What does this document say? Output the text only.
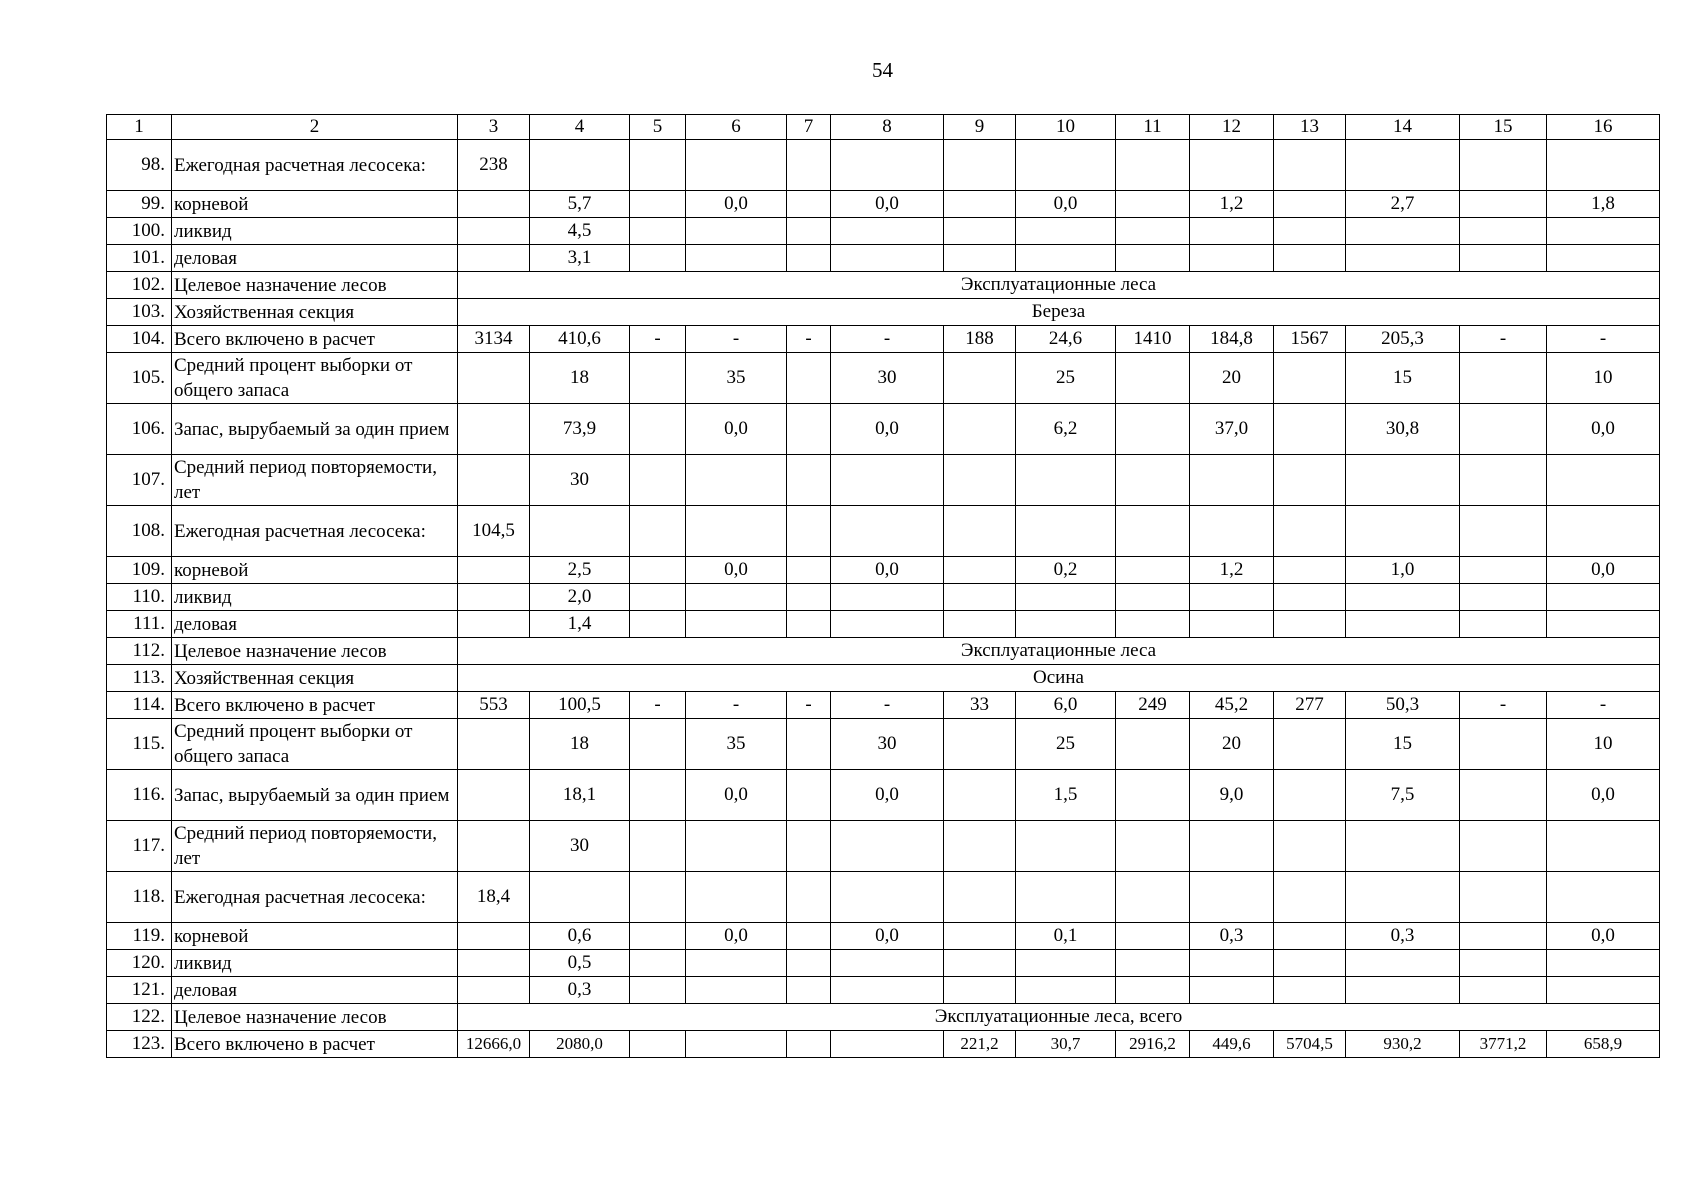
54
1	2	3	4	5	6	7	8	9	10	11	12	13	14	15	16
98.	Ежегодная расчетная лесосека:	238													
99.	корневой		5,7		0,0		0,0		0,0		1,2		2,7		1,8
100.	ликвид		4,5												
101.	деловая		3,1												
102.	Целевое назначение лесов	Эксплуатационные леса													
103.	Хозяйственная секция	Береза													
104.	Всего включено в расчет	3134	410,6	-	-	-	-	188	24,6	1410	184,8	1567	205,3	-	-
105.	Средний процент выборки от общего запаса		18		35		30		25		20		15		10
106.	Запас, вырубаемый за один прием		73,9		0,0		0,0		6,2		37,0		30,8		0,0
107.	Средний период повторяемости, лет		30												
108.	Ежегодная расчетная лесосека:	104,5													
109.	корневой		2,5		0,0		0,0		0,2		1,2		1,0		0,0
110.	ликвид		2,0												
111.	деловая		1,4												
112.	Целевое назначение лесов	Эксплуатационные леса													
113.	Хозяйственная секция	Осина													
114.	Всего включено в расчет	553	100,5	-	-	-	-	33	6,0	249	45,2	277	50,3	-	-
115.	Средний процент выборки от общего запаса		18		35		30		25		20		15		10
116.	Запас, вырубаемый за один прием		18,1		0,0		0,0		1,5		9,0		7,5		0,0
117.	Средний период повторяемости, лет		30												
118.	Ежегодная расчетная лесосека:	18,4													
119.	корневой		0,6		0,0		0,0		0,1		0,3		0,3		0,0
120.	ликвид		0,5												
121.	деловая		0,3												
122.	Целевое назначение лесов	Эксплуатационные леса, всего													
123.	Всего включено в расчет	12666,0	2080,0					221,2	30,7	2916,2	449,6	5704,5	930,2	3771,2	658,9
